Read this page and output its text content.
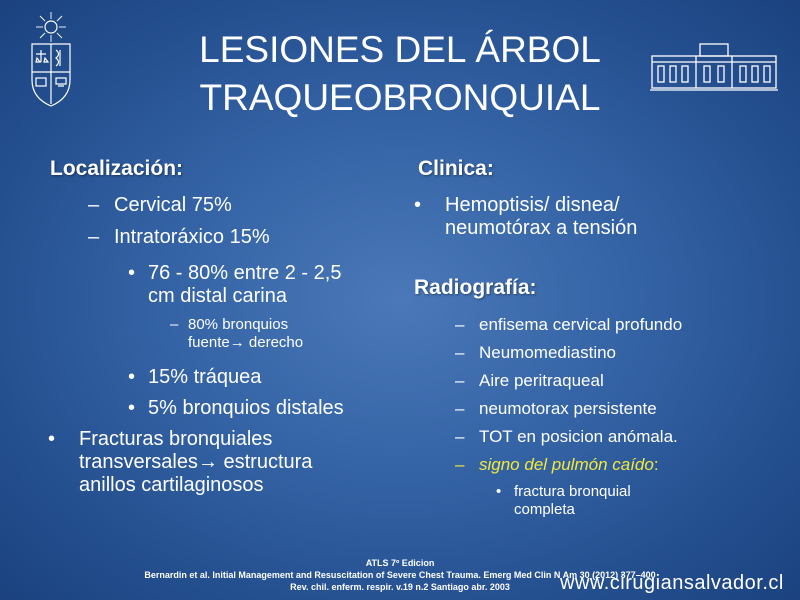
LESIONES DEL ÁRBOL
TRAQUEOBRONQUIAL
Localización:
– Cervical 75%
– Intratoráxico 15%
• 76 - 80% entre 2 - 2,5
cm distal carina
– 80% bronquios
fuente→ derecho
• 15% tráquea
• 5% bronquios distales
• Fracturas bronquiales
transversales→ estructura
anillos cartilaginosos
Clinica:
• Hemoptisis/ disnea/
neumotórax a tensión
Radiografía:
– enfisema cervical profundo
– Neumomediastino
– Aire peritraqueal
– neumotorax persistente
– TOT en posicion anómala.
– signo del pulmón caído:
• fractura bronquial
completa
ATLS 7º Edicion
Bernardin et al. Initial Management and Resuscitation of Severe Chest Trauma. Emerg Med Clin N Am 30 (2012) 377–400
Rev. chil. enferm. respir. v.19 n.2 Santiago abr. 2003	www.cirugiansalvador.cl
